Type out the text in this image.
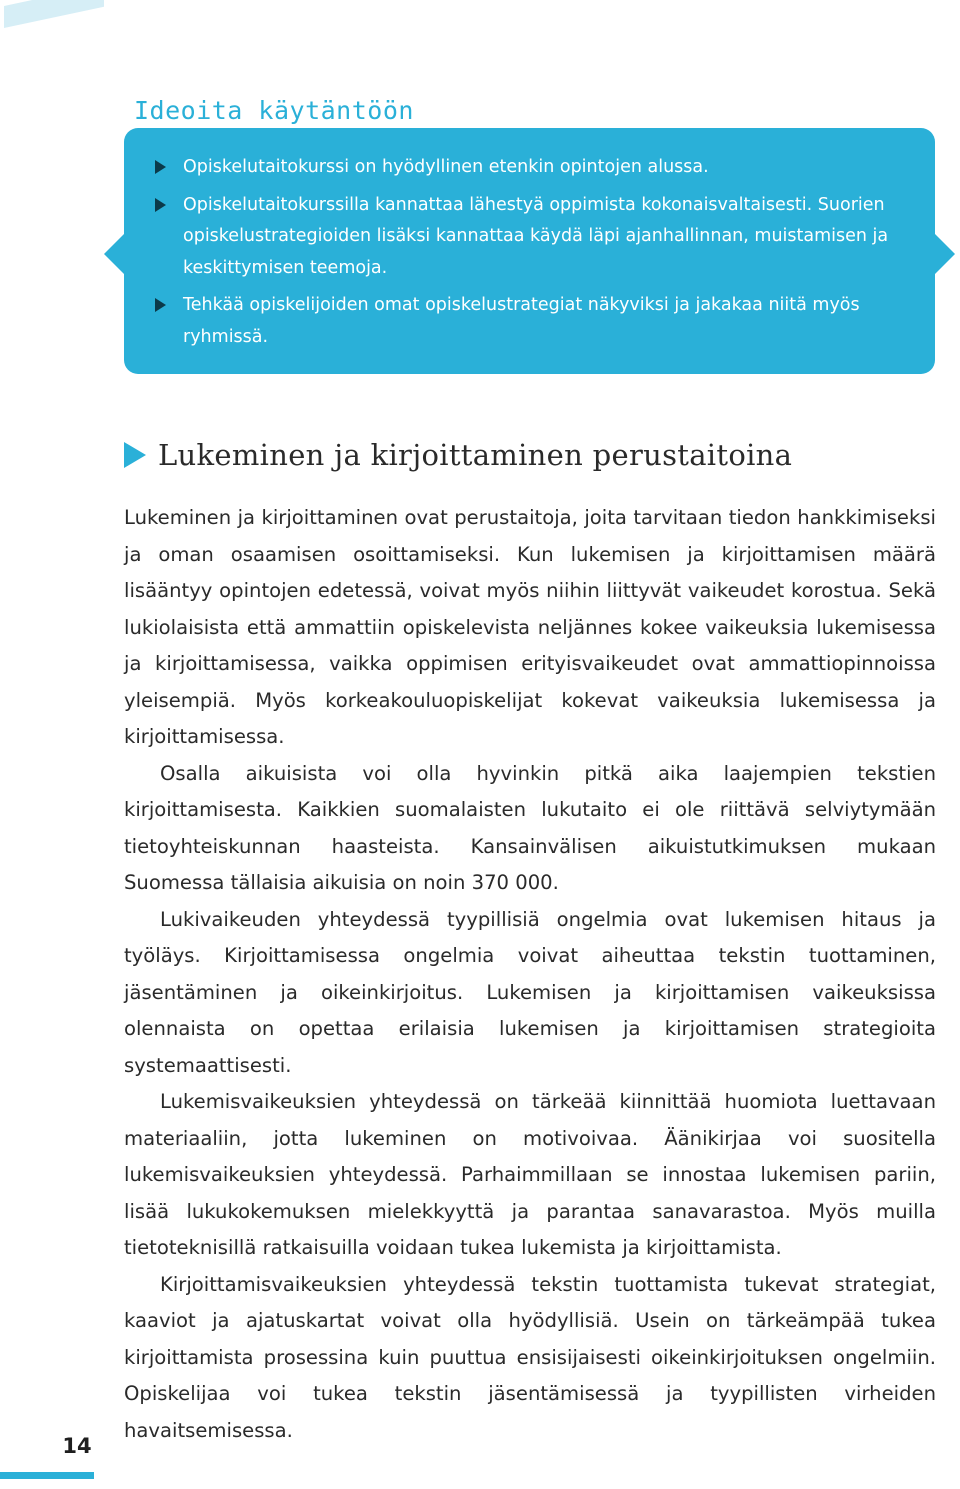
Ideoita käytäntöön
Opiskelutaitokurssi on hyödyllinen etenkin opintojen alussa.
Opiskelutaitokurssilla kannattaa lähestyä oppimista kokonaisvaltaisesti. Suorien opiskelustrategioiden lisäksi kannattaa käydä läpi ajanhallinnan, muistamisen ja keskittymisen teemoja.
Tehkää opiskelijoiden omat opiskelustrategiat näkyviksi ja jakakaa niitä myös ryhmissä.
Lukeminen ja kirjoittaminen perustaitoina

Lukeminen ja kirjoittaminen ovat perustaitoja, joita tarvitaan tiedon hankkimiseksi ja oman osaamisen osoittamiseksi. Kun lukemisen ja kirjoittamisen määrä lisääntyy opintojen edetessä, voivat myös niihin liittyvät vaikeudet korostua. Sekä lukiolaisista että ammattiin opiskelevista neljännes kokee vaikeuksia lukemisessa ja kirjoittamisessa, vaikka oppimisen erityisvaikeudet ovat ammattiopinnoissa yleisempiä. Myös korkeakouluopiskelijat kokevat vaikeuksia lukemisessa ja kirjoittamisessa.

Osalla aikuisista voi olla hyvinkin pitkä aika laajempien tekstien kirjoittamisesta. Kaikkien suomalaisten lukutaito ei ole riittävä selviytymään tietoyhteiskunnan haasteista. Kansainvälisen aikuistutkimuksen mukaan Suomessa tällaisia aikuisia on noin 370 000.

Lukivaikeuden yhteydessä tyypillisiä ongelmia ovat lukemisen hitaus ja työläys. Kirjoittamisessa ongelmia voivat aiheuttaa tekstin tuottaminen, jäsentäminen ja oikeinkirjoitus. Lukemisen ja kirjoittamisen vaikeuksissa olennaista on opettaa erilaisia lukemisen ja kirjoittamisen strategioita systemaattisesti.

Lukemisvaikeuksien yhteydessä on tärkeää kiinnittää huomiota luettavaan materiaaliin, jotta lukeminen on motivoivaa. Äänikirjaa voi suositella lukemisvaikeuksien yhteydessä. Parhaimmillaan se innostaa lukemisen pariin, lisää lukukokemuksen mielekkyyttä ja parantaa sanavarastoa. Myös muilla tietoteknisillä ratkaisuilla voidaan tukea lukemista ja kirjoittamista.

Kirjoittamisvaikeuksien yhteydessä tekstin tuottamista tukevat strategiat, kaaviot ja ajatuskartat voivat olla hyödyllisiä. Usein on tärkeämpää tukea kirjoittamista prosessina kuin puuttua ensisijaisesti oikeinkirjoituksen ongelmiin. Opiskelijaa voi tukea tekstin jäsentämisessä ja tyypillisten virheiden havaitsemisessa.

14
